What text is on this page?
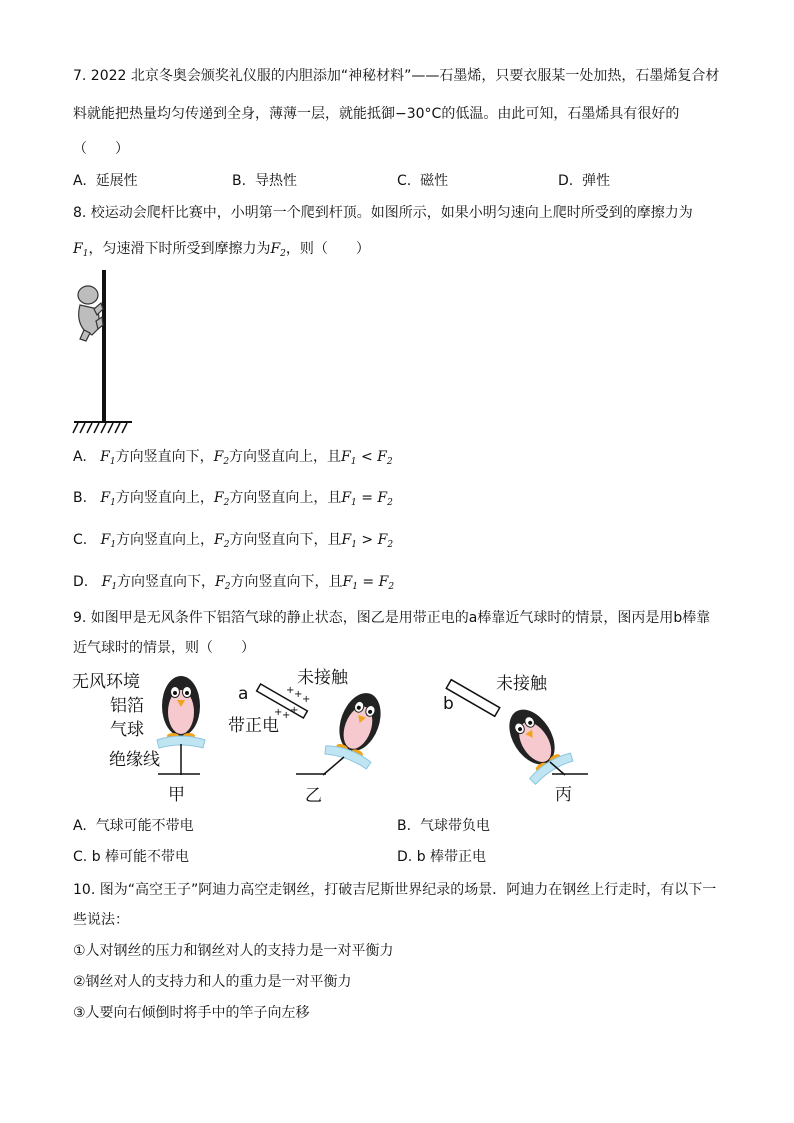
7. 2022 北京冬奥会颁奖礼仪服的内胆添加“神秘材料”——石墨烯，只要衣服某一处加热，石墨烯复合材
料就能把热量均匀传递到全身，薄薄一层，就能抵御−30°C的低温。由此可知，石墨烯具有很好的
（　　）
A. 延展性	B. 导热性	C. 磁性	D. 弹性
8. 校运动会爬杆比赛中，小明第一个爬到杆顶。如图所示，如果小明匀速向上爬时所受到的摩擦力为
$F_1$，匀速滑下时所受到摩擦力为$F_2$，则（　　）
A. $F_1$方向竖直向下，$F_2$方向竖直向上，且$F_1 < F_2$
B. $F_1$方向竖直向上，$F_2$方向竖直向上，且$F_1 = F_2$
C. $F_1$方向竖直向上，$F_2$方向竖直向下，且$F_1 > F_2$
D. $F_1$方向竖直向下，$F_2$方向竖直向下，且$F_1 = F_2$
9. 如图甲是无风条件下铝箔气球的静止状态，图乙是用带正电的a棒靠近气球时的情景，图丙是用b棒靠
近气球时的情景，则（　　）
+ + +
+ + +
无风环境
铝箔
气球
绝缘线
甲
a
未接触
带正电
乙
b
未接触
丙
A. 气球可能不带电	B. 气球带负电
C. b 棒可能不带电	D. b 棒带正电
10. 图为“高空王子”阿迪力高空走钢丝，打破吉尼斯世界纪录的场景．阿迪力在钢丝上行走时，有以下一
些说法：
①人对钢丝的压力和钢丝对人的支持力是一对平衡力
②钢丝对人的支持力和人的重力是一对平衡力
③人要向右倾倒时将手中的竿子向左移
